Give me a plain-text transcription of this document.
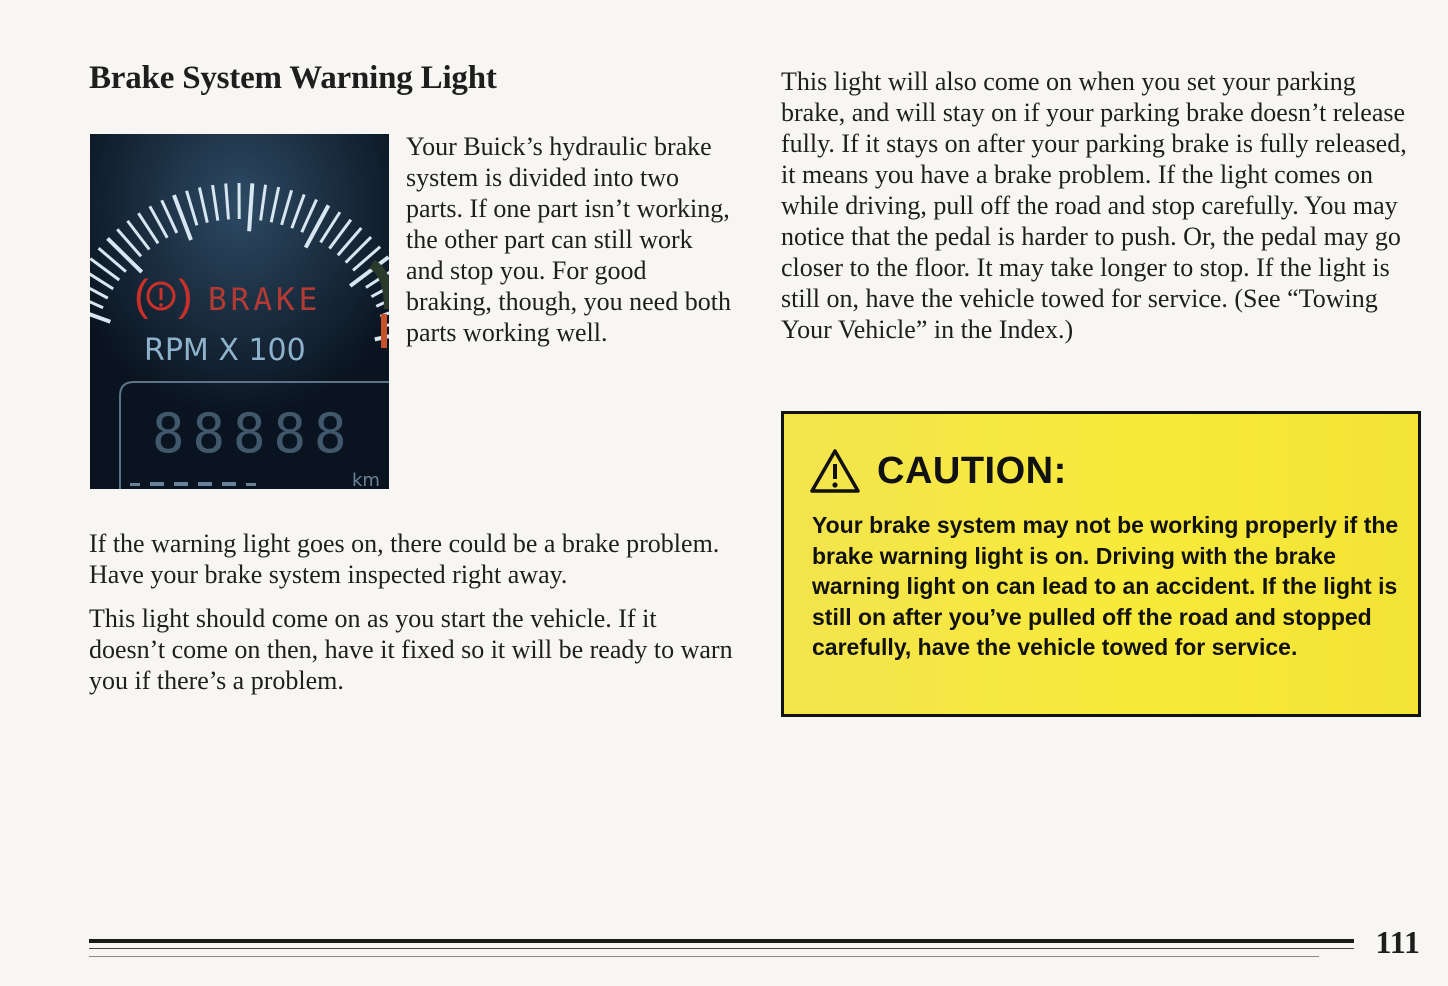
Brake System Warning Light
( ) BRAKE
RPM X 100
88888
km

Your Buick’s hydraulic brake system is divided into two parts. If one part isn’t working, the other part can still work and stop you. For good braking, though, you need both parts working well.

If the warning light goes on, there could be a brake problem. Have your brake system inspected right away.

This light should come on as you start the vehicle. If it doesn’t come on then, have it fixed so it will be ready to warn you if there’s a problem.

This light will also come on when you set your parking brake, and will stay on if your parking brake doesn’t release fully. If it stays on after your parking brake is fully released, it means you have a brake problem. If the light comes on while driving, pull off the road and stop carefully. You may notice that the pedal is harder to push. Or, the pedal may go closer to the floor. It may take longer to stop. If the light is still on, have the vehicle towed for service. (See “Towing Your Vehicle” in the Index.)

CAUTION:

Your brake system may not be working properly if the brake warning light is on. Driving with the brake warning light on can lead to an accident. If the light is still on after you’ve pulled off the road and stopped carefully, have the vehicle towed for service.

111
